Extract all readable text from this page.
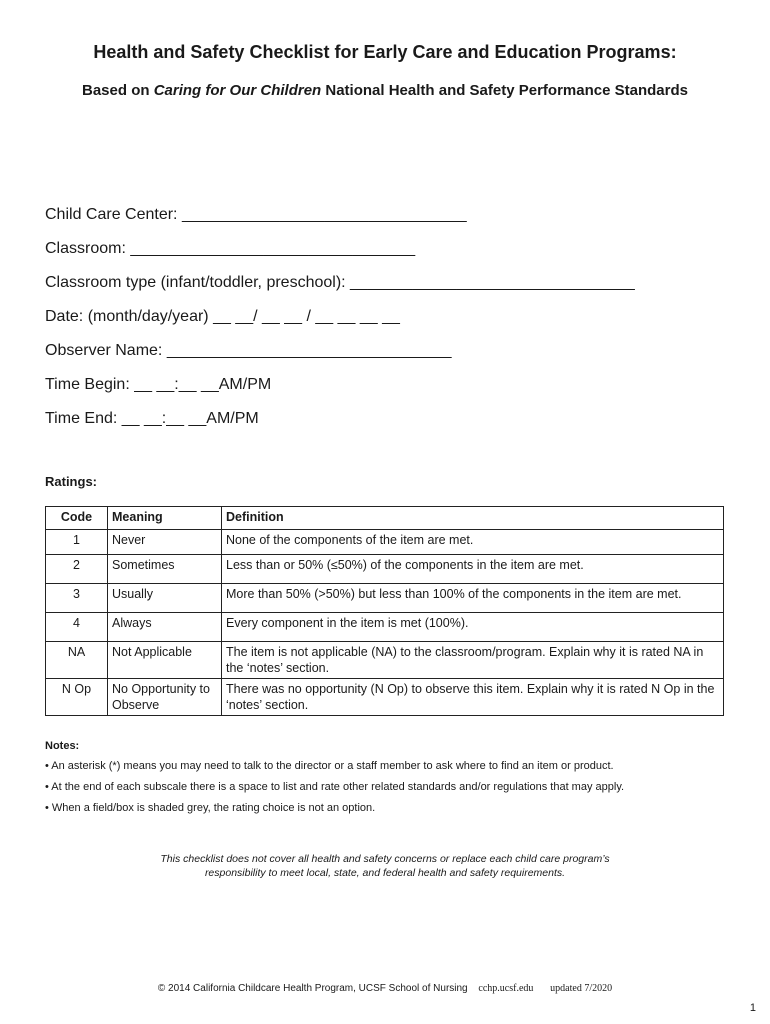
Health and Safety Checklist for Early Care and Education Programs:
Based on Caring for Our Children National Health and Safety Performance Standards
Child Care Center: ________________________________
Classroom: ________________________________
Classroom type (infant/toddler, preschool): ________________________________
Date: (month/day/year) __ __/ __ __ / __ __ __ __
Observer Name: ________________________________
Time Begin: __ __:__ __AM/PM
Time End: __ __:__ __AM/PM
Ratings:
Code	Meaning	Definition
1	Never	None of the components of the item are met.
2	Sometimes	Less than or 50% (≤50%) of the components in the item are met.
3	Usually	More than 50% (>50%) but less than 100% of the components in the item are met.
4	Always	Every component in the item is met (100%).
NA	Not Applicable	The item is not applicable (NA) to the classroom/program. Explain why it is rated NA in the ‘notes’ section.
N Op	No Opportunity to Observe	There was no opportunity (N Op) to observe this item. Explain why it is rated N Op in the ‘notes’ section.
Notes:
• An asterisk (*) means you may need to talk to the director or a staff member to ask where to find an item or product.
• At the end of each subscale there is a space to list and rate other related standards and/or regulations that may apply.
• When a field/box is shaded grey, the rating choice is not an option.
This checklist does not cover all health and safety concerns or replace each child care program’s
responsibility to meet local, state, and federal health and safety requirements.
© 2014 California Childcare Health Program, UCSF School of Nursing cchp.ucsf.edu updated 7/2020
1
